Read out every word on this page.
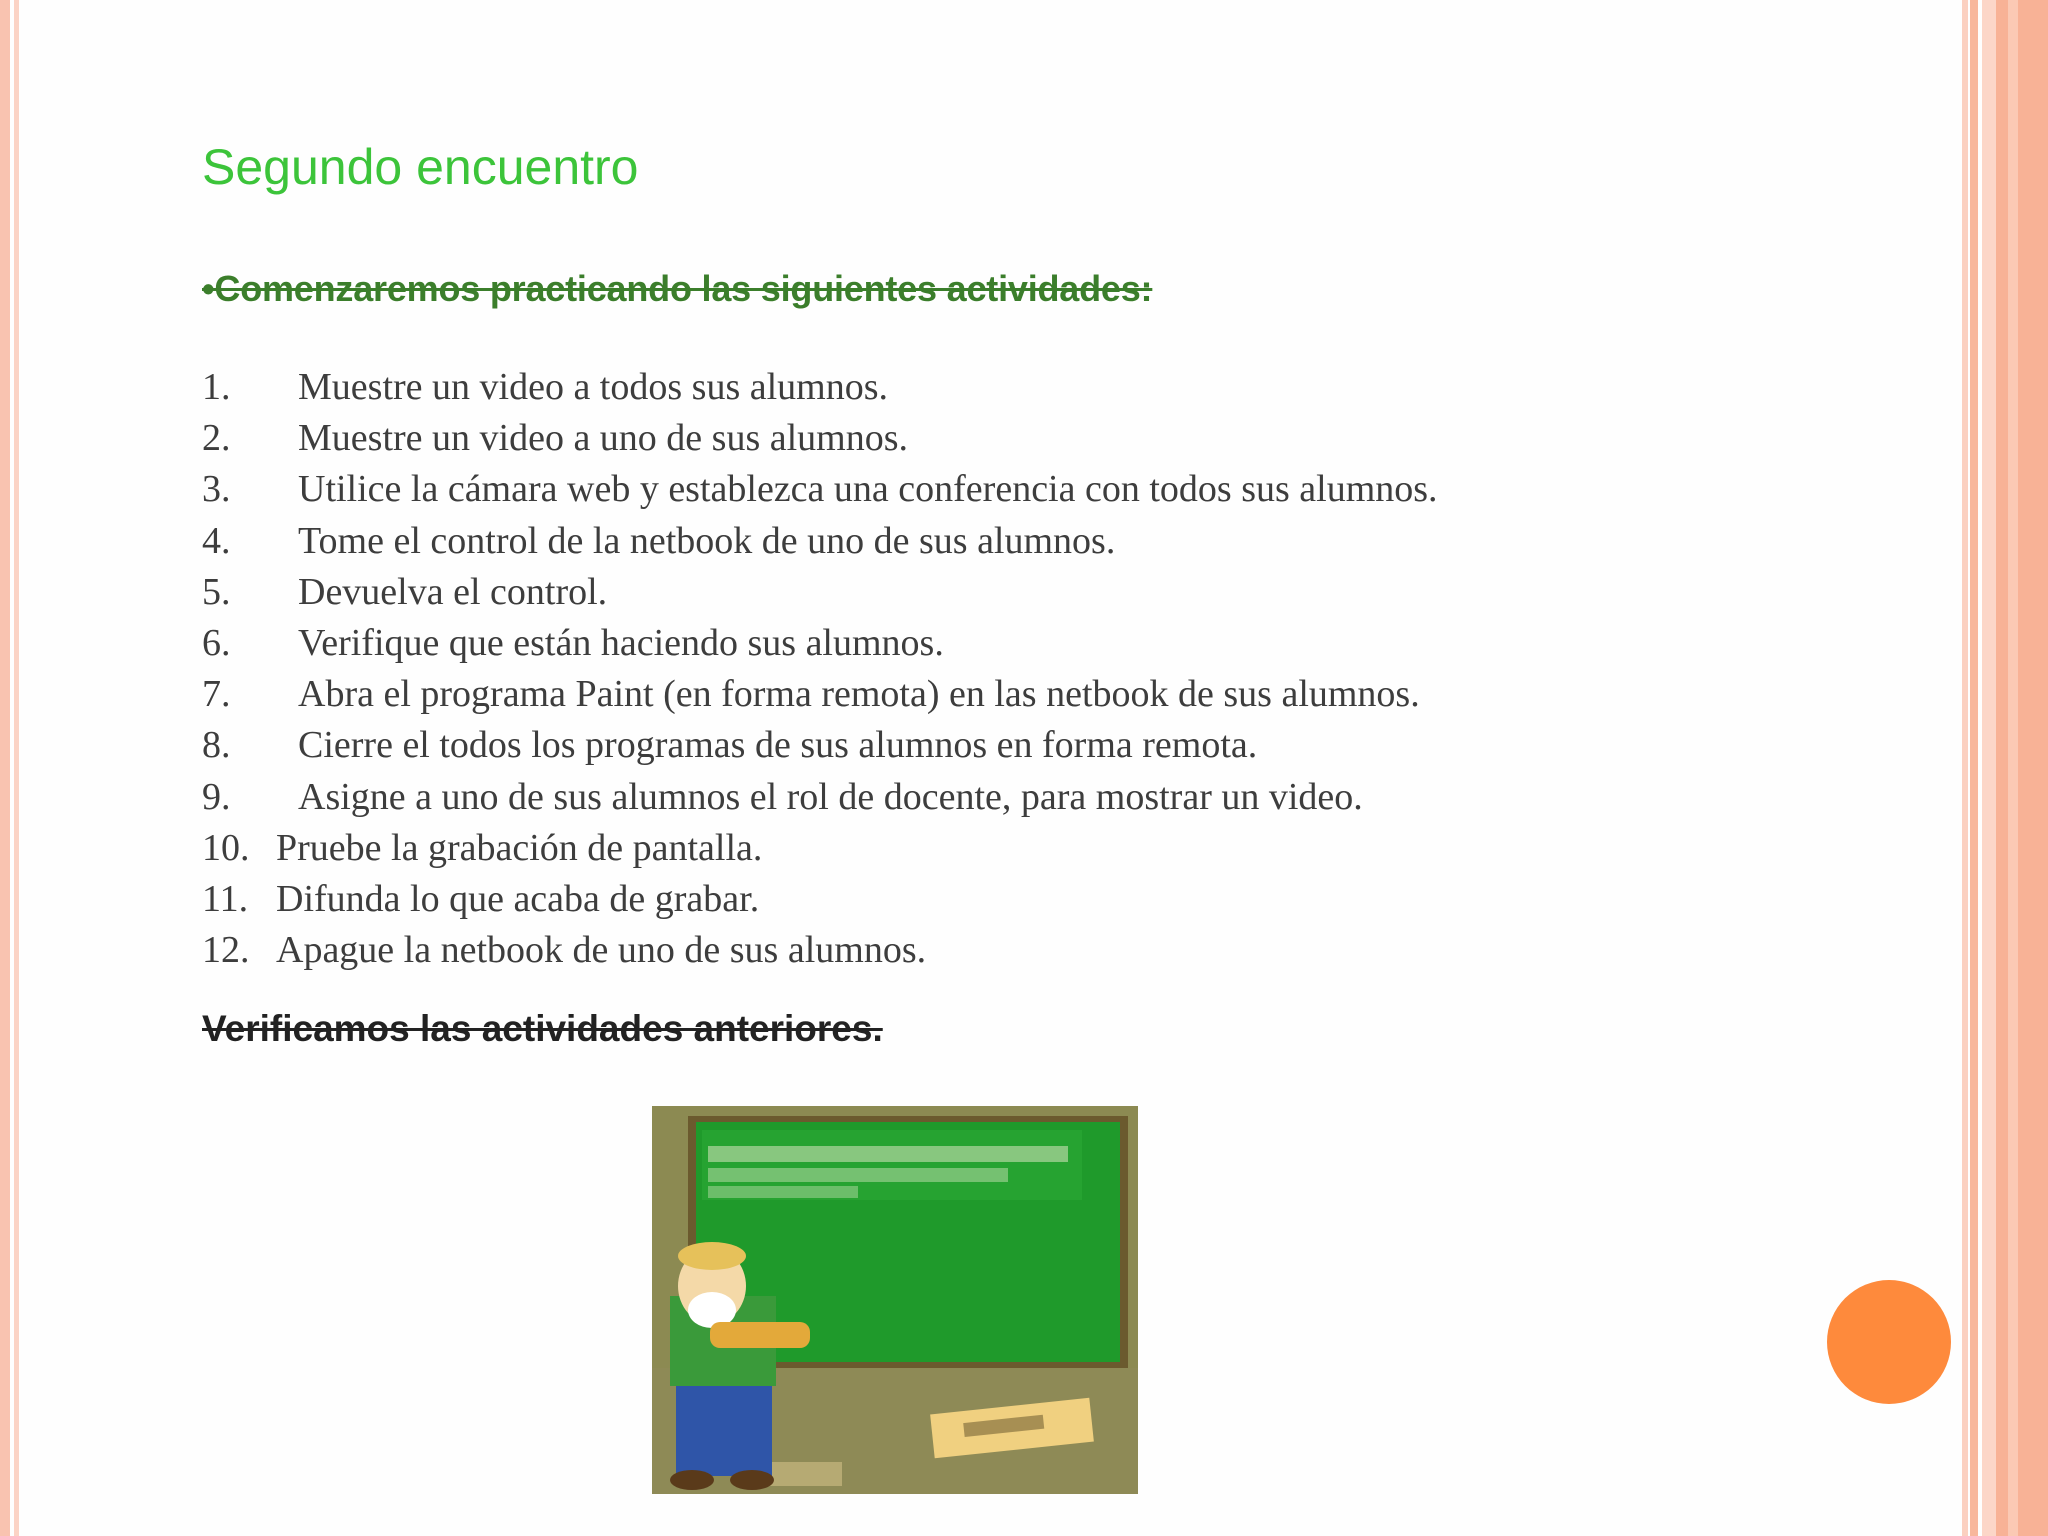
Segundo encuentro

•Comenzaremos practicando las siguientes actividades:

1. Muestre un video a todos sus alumnos.
2. Muestre un video a uno de sus alumnos.
3. Utilice la cámara web y establezca una conferencia con todos sus alumnos.
4. Tome el control de la netbook de uno de sus alumnos.
5. Devuelva el control.
6. Verifique que están haciendo sus alumnos.
7. Abra el programa Paint (en forma remota) en las netbook de sus alumnos.
8. Cierre el todos los programas de sus alumnos en forma remota.
9. Asigne a uno de sus alumnos el rol de docente, para mostrar un video.
10. Pruebe la grabación de pantalla.
11. Difunda lo que acaba de grabar.
12. Apague la netbook de uno de sus alumnos.

Verificamos las actividades anteriores.
